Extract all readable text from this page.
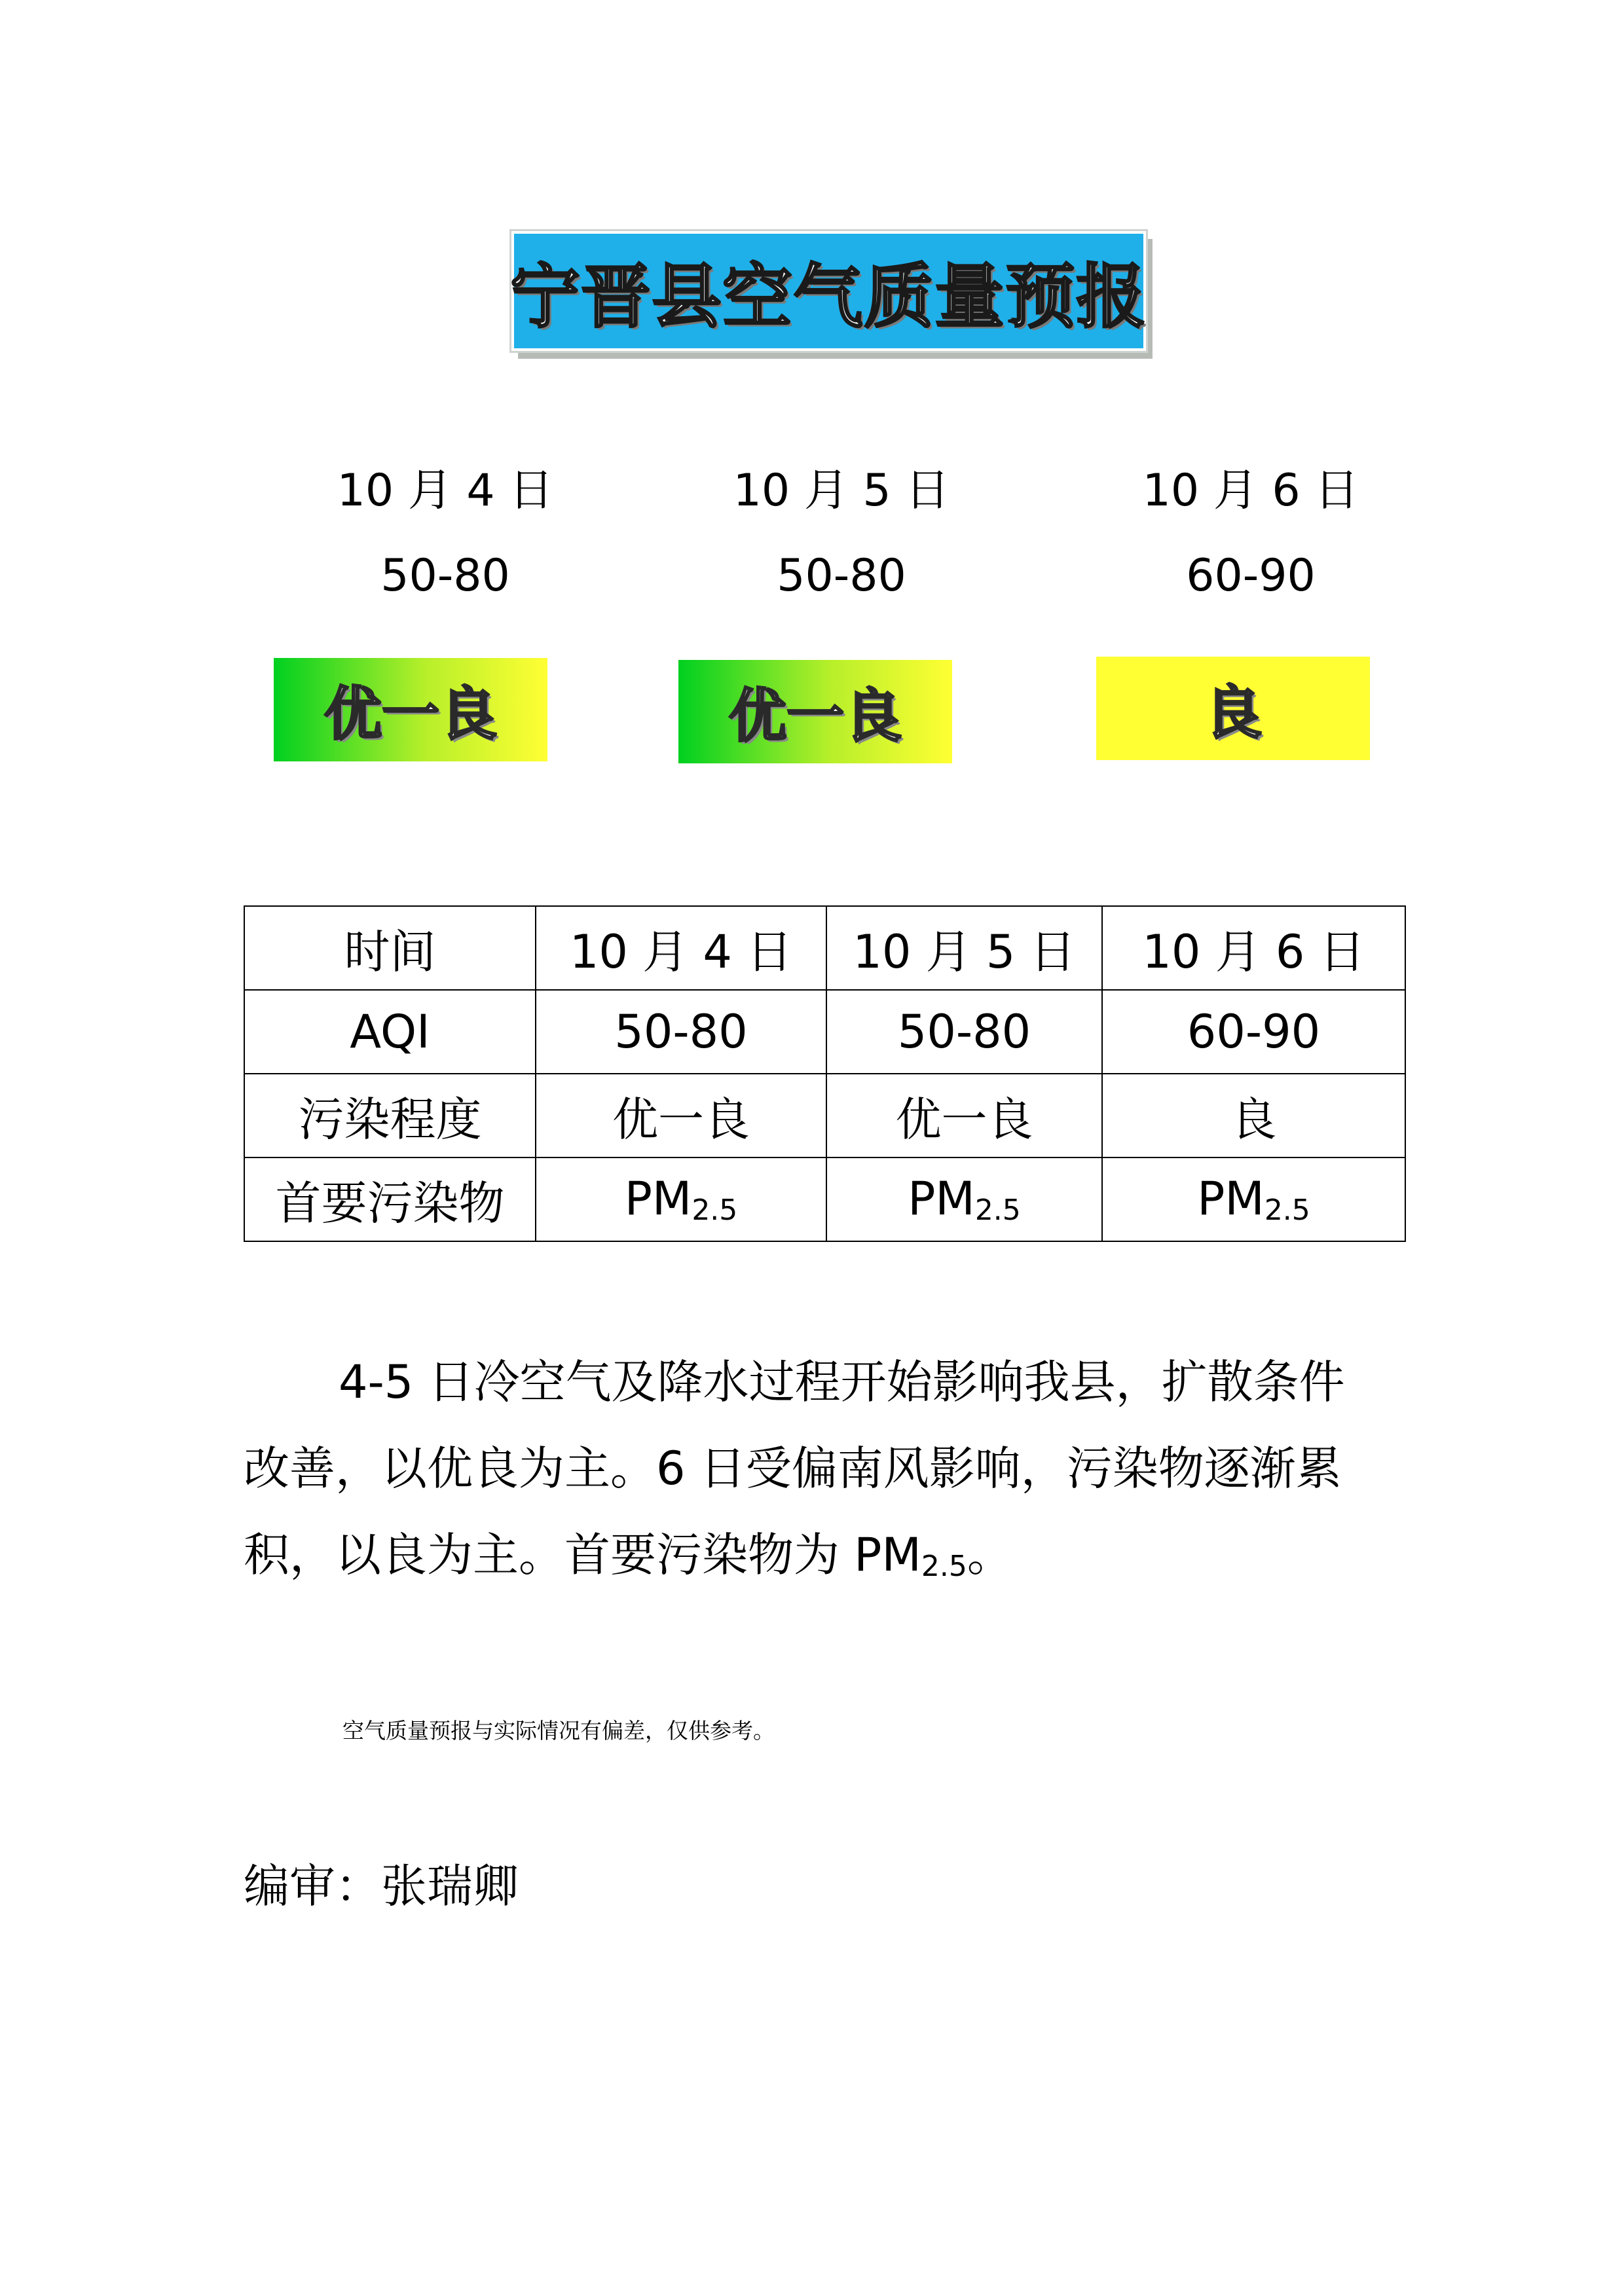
宁晋县空气质量预报
10 月 4 日
50-80
10 月 5 日
50-80
10 月 6 日
60-90
优一良	优一良	良
时间	10 月 4 日	10 月 5 日	10 月 6 日
AQI	50-80	50-80	60-90
污染程度	优一良	优一良	良
首要污染物	PM2.5	PM2.5	PM2.5
4-5 日冷空气及降水过程开始影响我县，扩散条件改善，以优良为主。6 日受偏南风影响，污染物逐渐累积，以良为主。首要污染物为 PM2.5。
空气质量预报与实际情况有偏差，仅供参考。
编审：张瑞卿
